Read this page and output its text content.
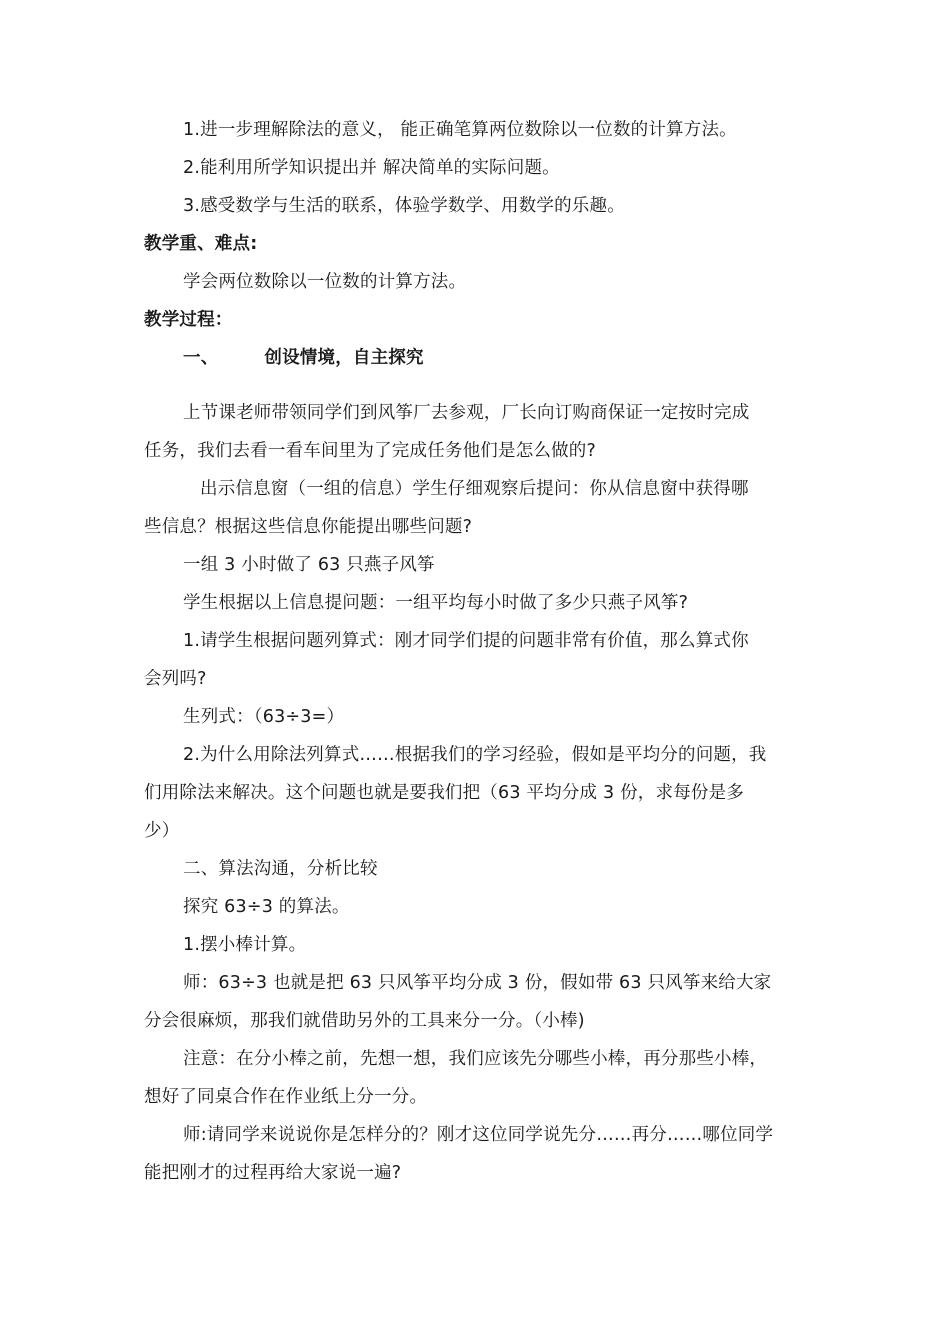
1.进一步理解除法的意义， 能正确笔算两位数除以一位数的计算方法。

2.能利用所学知识提出并 解决简单的实际问题。

3.感受数学与生活的联系，体验学数学、用数学的乐趣。

教学重、难点:

学会两位数除以一位数的计算方法。

教学过程：

一、	创设情境，自主探究

上节课老师带领同学们到风筝厂去参观，厂长向订购商保证一定按时完成

任务，我们去看一看车间里为了完成任务他们是怎么做的?

出示信息窗（一组的信息）学生仔细观察后提问：你从信息窗中获得哪

些信息？根据这些信息你能提出哪些问题?

一组 3 小时做了 63 只燕子风筝

学生根据以上信息提问题：一组平均每小时做了多少只燕子风筝?

1.请学生根据问题列算式：刚才同学们提的问题非常有价值，那么算式你

会列吗?

生列式：（63÷3=）

2.为什么用除法列算式……根据我们的学习经验，假如是平均分的问题，我

们用除法来解决。这个问题也就是要我们把（63 平均分成 3 份，求每份是多

少）

二、算法沟通，分析比较

探究 63÷3 的算法。

1.摆小棒计算。

师：63÷3 也就是把 63 只风筝平均分成 3 份，假如带 63 只风筝来给大家

分会很麻烦，那我们就借助另外的工具来分一分。（小棒)

注意：在分小棒之前，先想一想，我们应该先分哪些小棒，再分那些小棒，

想好了同桌合作在作业纸上分一分。

师:请同学来说说你是怎样分的？刚才这位同学说先分……再分……哪位同学

能把刚才的过程再给大家说一遍?
